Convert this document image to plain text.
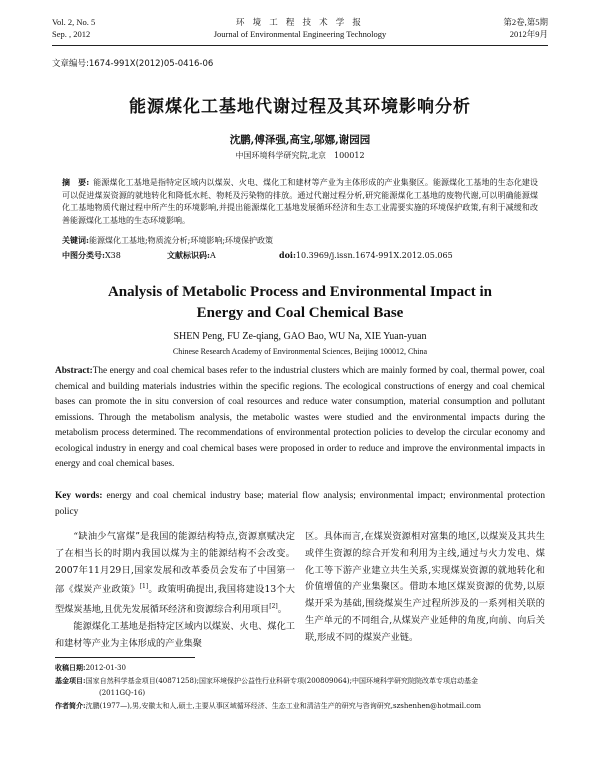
Vol. 2, No. 5
Sep. , 2012
环 境 工 程 技 术 学 报
Journal of Environmental Engineering Technology
第2卷,第5期
2012年9月
文章编号:1674-991X(2012)05-0416-06
能源煤化工基地代谢过程及其环境影响分析
沈鹏,傅泽强,高宝,邬娜,谢园园
中国环境科学研究院,北京　100012
摘　要: 能源煤化工基地是指特定区域内以煤炭、火电、煤化工和建材等产业为主体形成的产业集聚区。能源煤化工基地的生态化建设可以促进煤炭资源的就地转化和降低水耗、物耗及污染物的排放。通过代谢过程分析,研究能源煤化工基地的废物代谢,可以明确能源煤化工基地物质代谢过程中所产生的环境影响,并提出能源煤化工基地发展循环经济和生态工业需要实施的环境保护政策,有利于减缓和改善能源煤化工基地的生态环境影响。
关键词:能源煤化工基地;物质流分析;环境影响;环境保护政策
中图分类号:X38	文献标识码:A	doi:10.3969/j.issn.1674-991X.2012.05.065
Analysis of Metabolic Process and Environmental Impact in
Energy and Coal Chemical Base
SHEN Peng, FU Ze-qiang, GAO Bao, WU Na, XIE Yuan-yuan
Chinese Research Academy of Environmental Sciences, Beijing 100012, China
Abstract:The energy and coal chemical bases refer to the industrial clusters which are mainly formed by coal, thermal power, coal chemical and building materials industries within the specific regions. The ecological constructions of energy and coal chemical bases can promote the in situ conversion of coal resources and reduce water consumption, material consumption and pollutant emissions. Through the metabolism analysis, the metabolic wastes were studied and the environmental impacts during the metabolism process determined. The recommendations of environmental protection policies to develop the circular economy and ecological industry in energy and coal chemical bases were proposed in order to reduce and improve the environmental impacts in energy and coal chemical bases.
Key words: energy and coal chemical industry base; material flow analysis; environmental impact; environmental protection policy

“缺油少气富煤”是我国的能源结构特点,资源禀赋决定了在相当长的时期内我国以煤为主的能源结构不会改变。2007年11月29日,国家发展和改革委员会发布了中国第一部《煤炭产业政策》[1]。政策明确提出,我国将建设13个大型煤炭基地,且优先发展循环经济和资源综合利用项目[2]。

能源煤化工基地是指特定区域内以煤炭、火电、煤化工和建材等产业为主体形成的产业集聚

区。具体而言,在煤炭资源相对富集的地区,以煤炭及其共生或伴生资源的综合开发和利用为主线,通过与火力发电、煤化工等下游产业建立共生关系,实现煤炭资源的就地转化和价值增值的产业集聚区。借助本地区煤炭资源的优势,以原煤开采为基础,围绕煤炭生产过程所涉及的一系列相关联的生产单元的不同组合,从煤炭产业延伸的角度,向前、向后关联,形成不同的煤炭产业链。

收稿日期:2012-01-30
基金项目:国家自然科学基金项目(40871258);国家环境保护公益性行业科研专项(200809064);中国环境科学研究院院改革专项启动基金
(2011GQ-16)
作者简介:沈鹏(1977—),男,安徽太和人,硕士,主要从事区域循环经济、生态工业和清洁生产的研究与咨询研究,szshenhen@hotmail.com
